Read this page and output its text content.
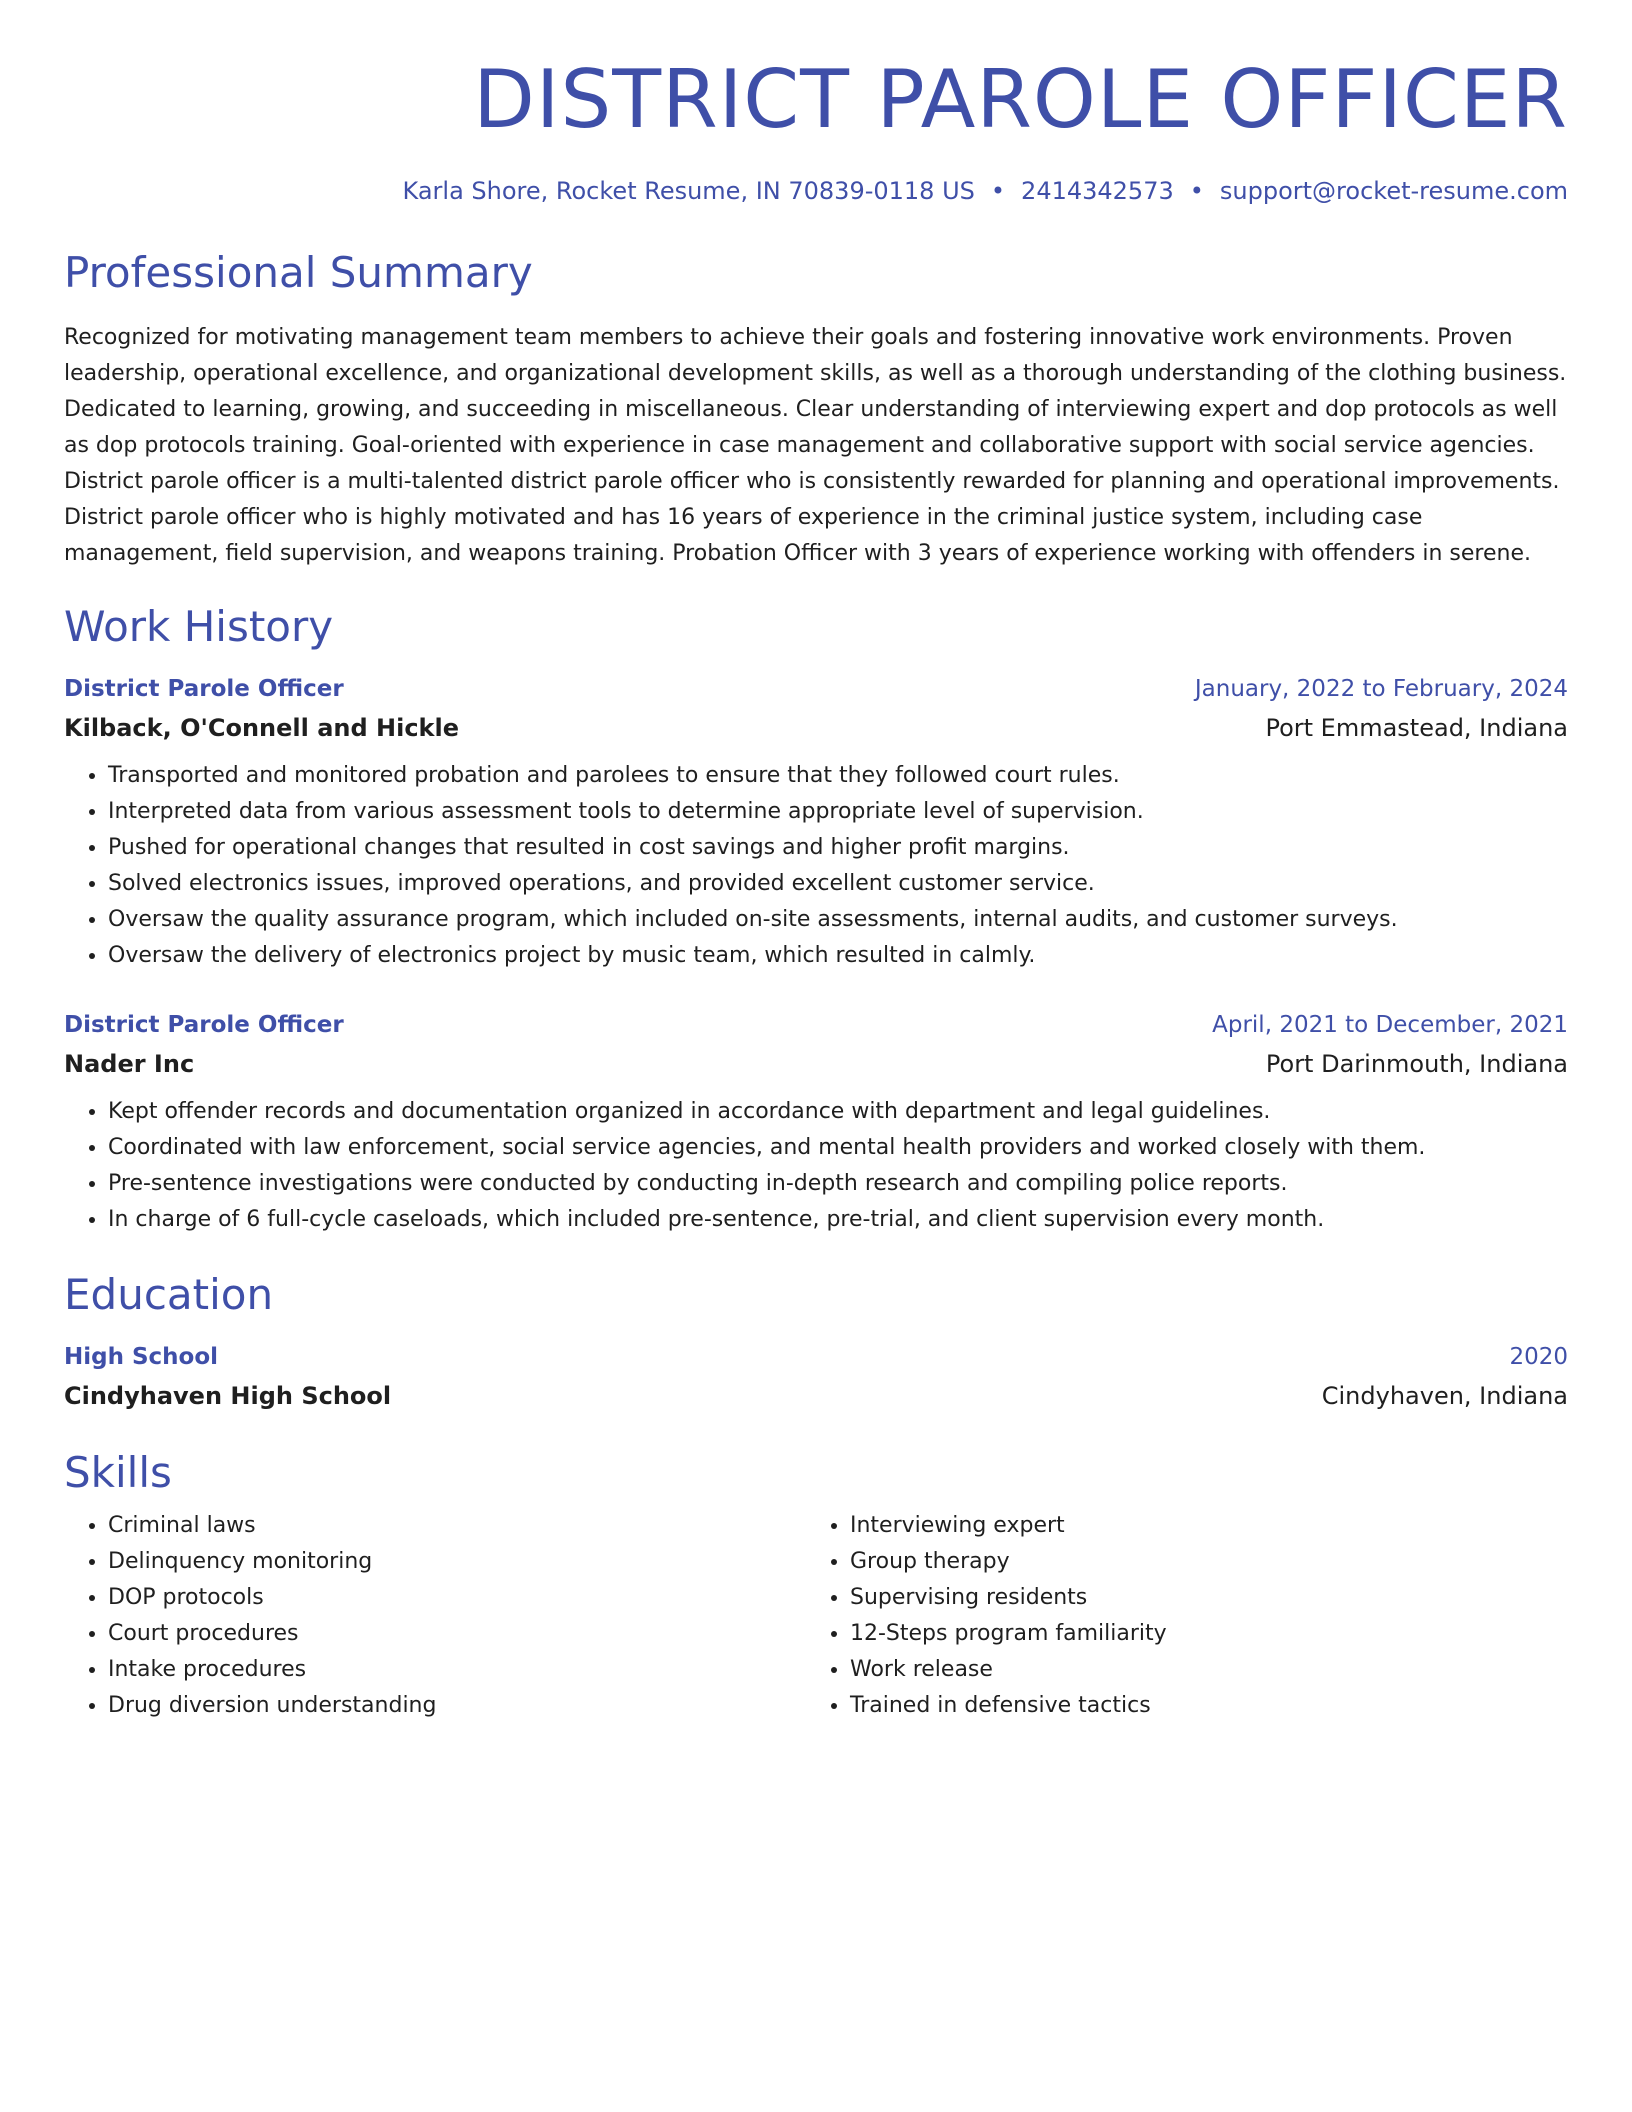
DISTRICT PAROLE OFFICER
Karla Shore, Rocket Resume, IN 70839-0118 US • 2414342573 • support@rocket-resume.com
Professional Summary

Recognized for motivating management team members to achieve their goals and fostering innovative work environments. Proven leadership, operational excellence, and organizational development skills, as well as a thorough understanding of the clothing business. Dedicated to learning, growing, and succeeding in miscellaneous. Clear understanding of interviewing expert and dop protocols as well as dop protocols training. Goal-oriented with experience in case management and collaborative support with social service agencies. District parole officer is a multi-talented district parole officer who is consistently rewarded for planning and operational improvements. District parole officer who is highly motivated and has 16 years of experience in the criminal justice system, including case management, field supervision, and weapons training. Probation Officer with 3 years of experience working with offenders in serene.

Work History
District Parole Officer	January, 2022 to February, 2024
Kilback, O'Connell and Hickle	Port Emmastead, Indiana
• Transported and monitored probation and parolees to ensure that they followed court rules.
• Interpreted data from various assessment tools to determine appropriate level of supervision.
• Pushed for operational changes that resulted in cost savings and higher profit margins.
• Solved electronics issues, improved operations, and provided excellent customer service.
• Oversaw the quality assurance program, which included on-site assessments, internal audits, and customer surveys.
• Oversaw the delivery of electronics project by music team, which resulted in calmly.
District Parole Officer	April, 2021 to December, 2021
Nader Inc	Port Darinmouth, Indiana
• Kept offender records and documentation organized in accordance with department and legal guidelines.
• Coordinated with law enforcement, social service agencies, and mental health providers and worked closely with them.
• Pre-sentence investigations were conducted by conducting in-depth research and compiling police reports.
• In charge of 6 full-cycle caseloads, which included pre-sentence, pre-trial, and client supervision every month.
Education
High School	2020
Cindyhaven High School	Cindyhaven, Indiana
Skills
• Criminal laws
• Delinquency monitoring
• DOP protocols
• Court procedures
• Intake procedures
• Drug diversion understanding
• Interviewing expert
• Group therapy
• Supervising residents
• 12-Steps program familiarity
• Work release
• Trained in defensive tactics
